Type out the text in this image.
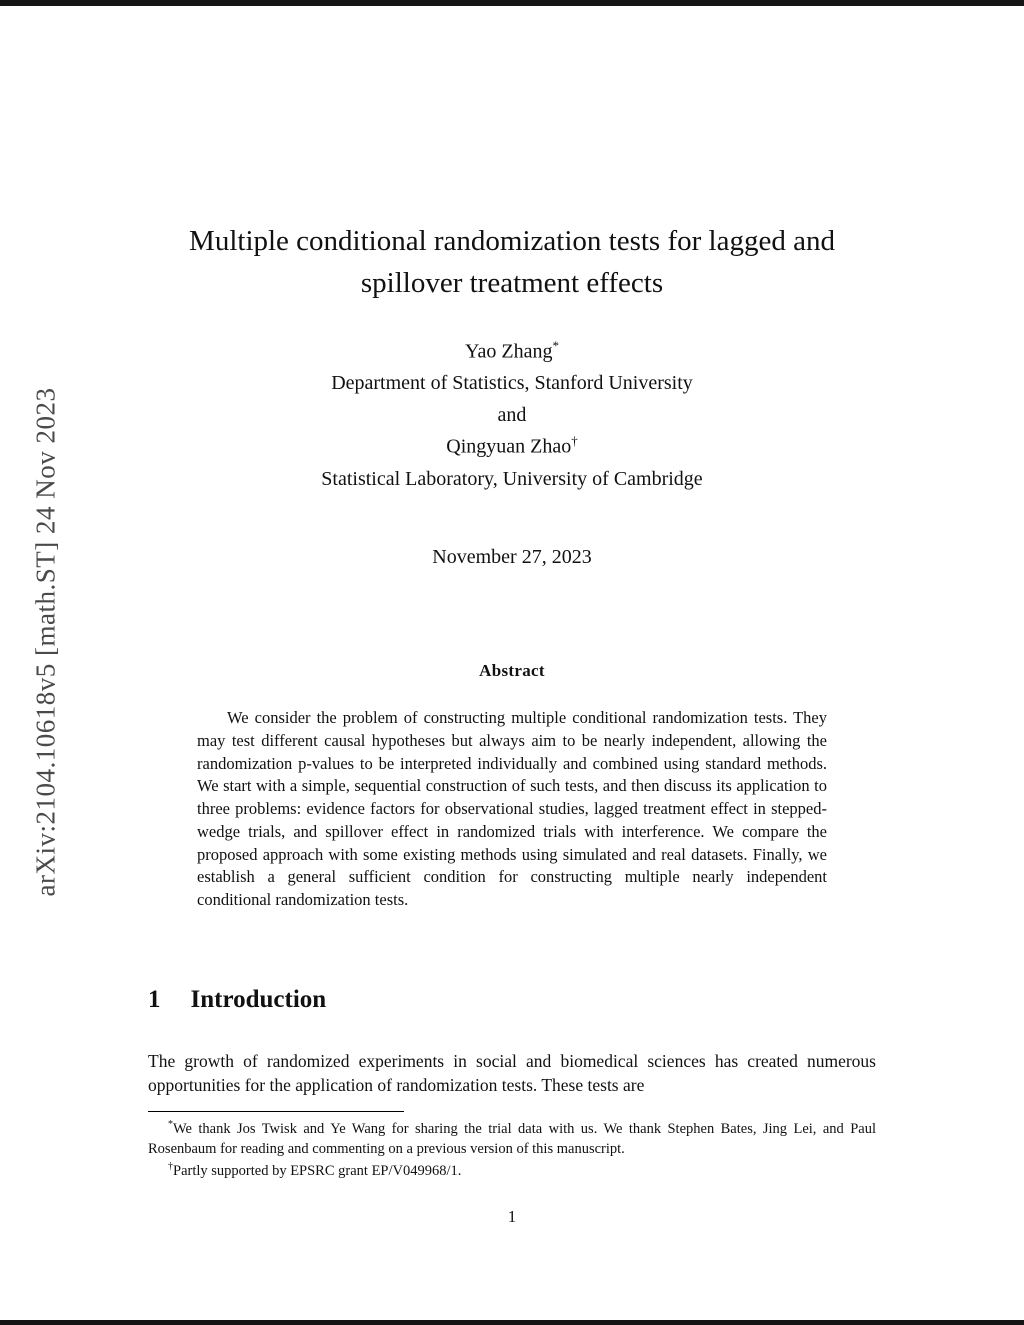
arXiv:2104.10618v5 [math.ST] 24 Nov 2023
Multiple conditional randomization tests for lagged and spillover treatment effects
Yao Zhang*
Department of Statistics, Stanford University
and
Qingyuan Zhao†
Statistical Laboratory, University of Cambridge
November 27, 2023
Abstract

We consider the problem of constructing multiple conditional randomization tests. They may test different causal hypotheses but always aim to be nearly independent, allowing the randomization p-values to be interpreted individually and combined using standard methods. We start with a simple, sequential construction of such tests, and then discuss its application to three problems: evidence factors for observational studies, lagged treatment effect in stepped-wedge trials, and spillover effect in randomized trials with interference. We compare the proposed approach with some existing methods using simulated and real datasets. Finally, we establish a general sufficient condition for constructing multiple nearly independent conditional randomization tests.

1 Introduction

The growth of randomized experiments in social and biomedical sciences has created numerous opportunities for the application of randomization tests. These tests are

*We thank Jos Twisk and Ye Wang for sharing the trial data with us. We thank Stephen Bates, Jing Lei, and Paul Rosenbaum for reading and commenting on a previous version of this manuscript.

†Partly supported by EPSRC grant EP/V049968/1.

1
